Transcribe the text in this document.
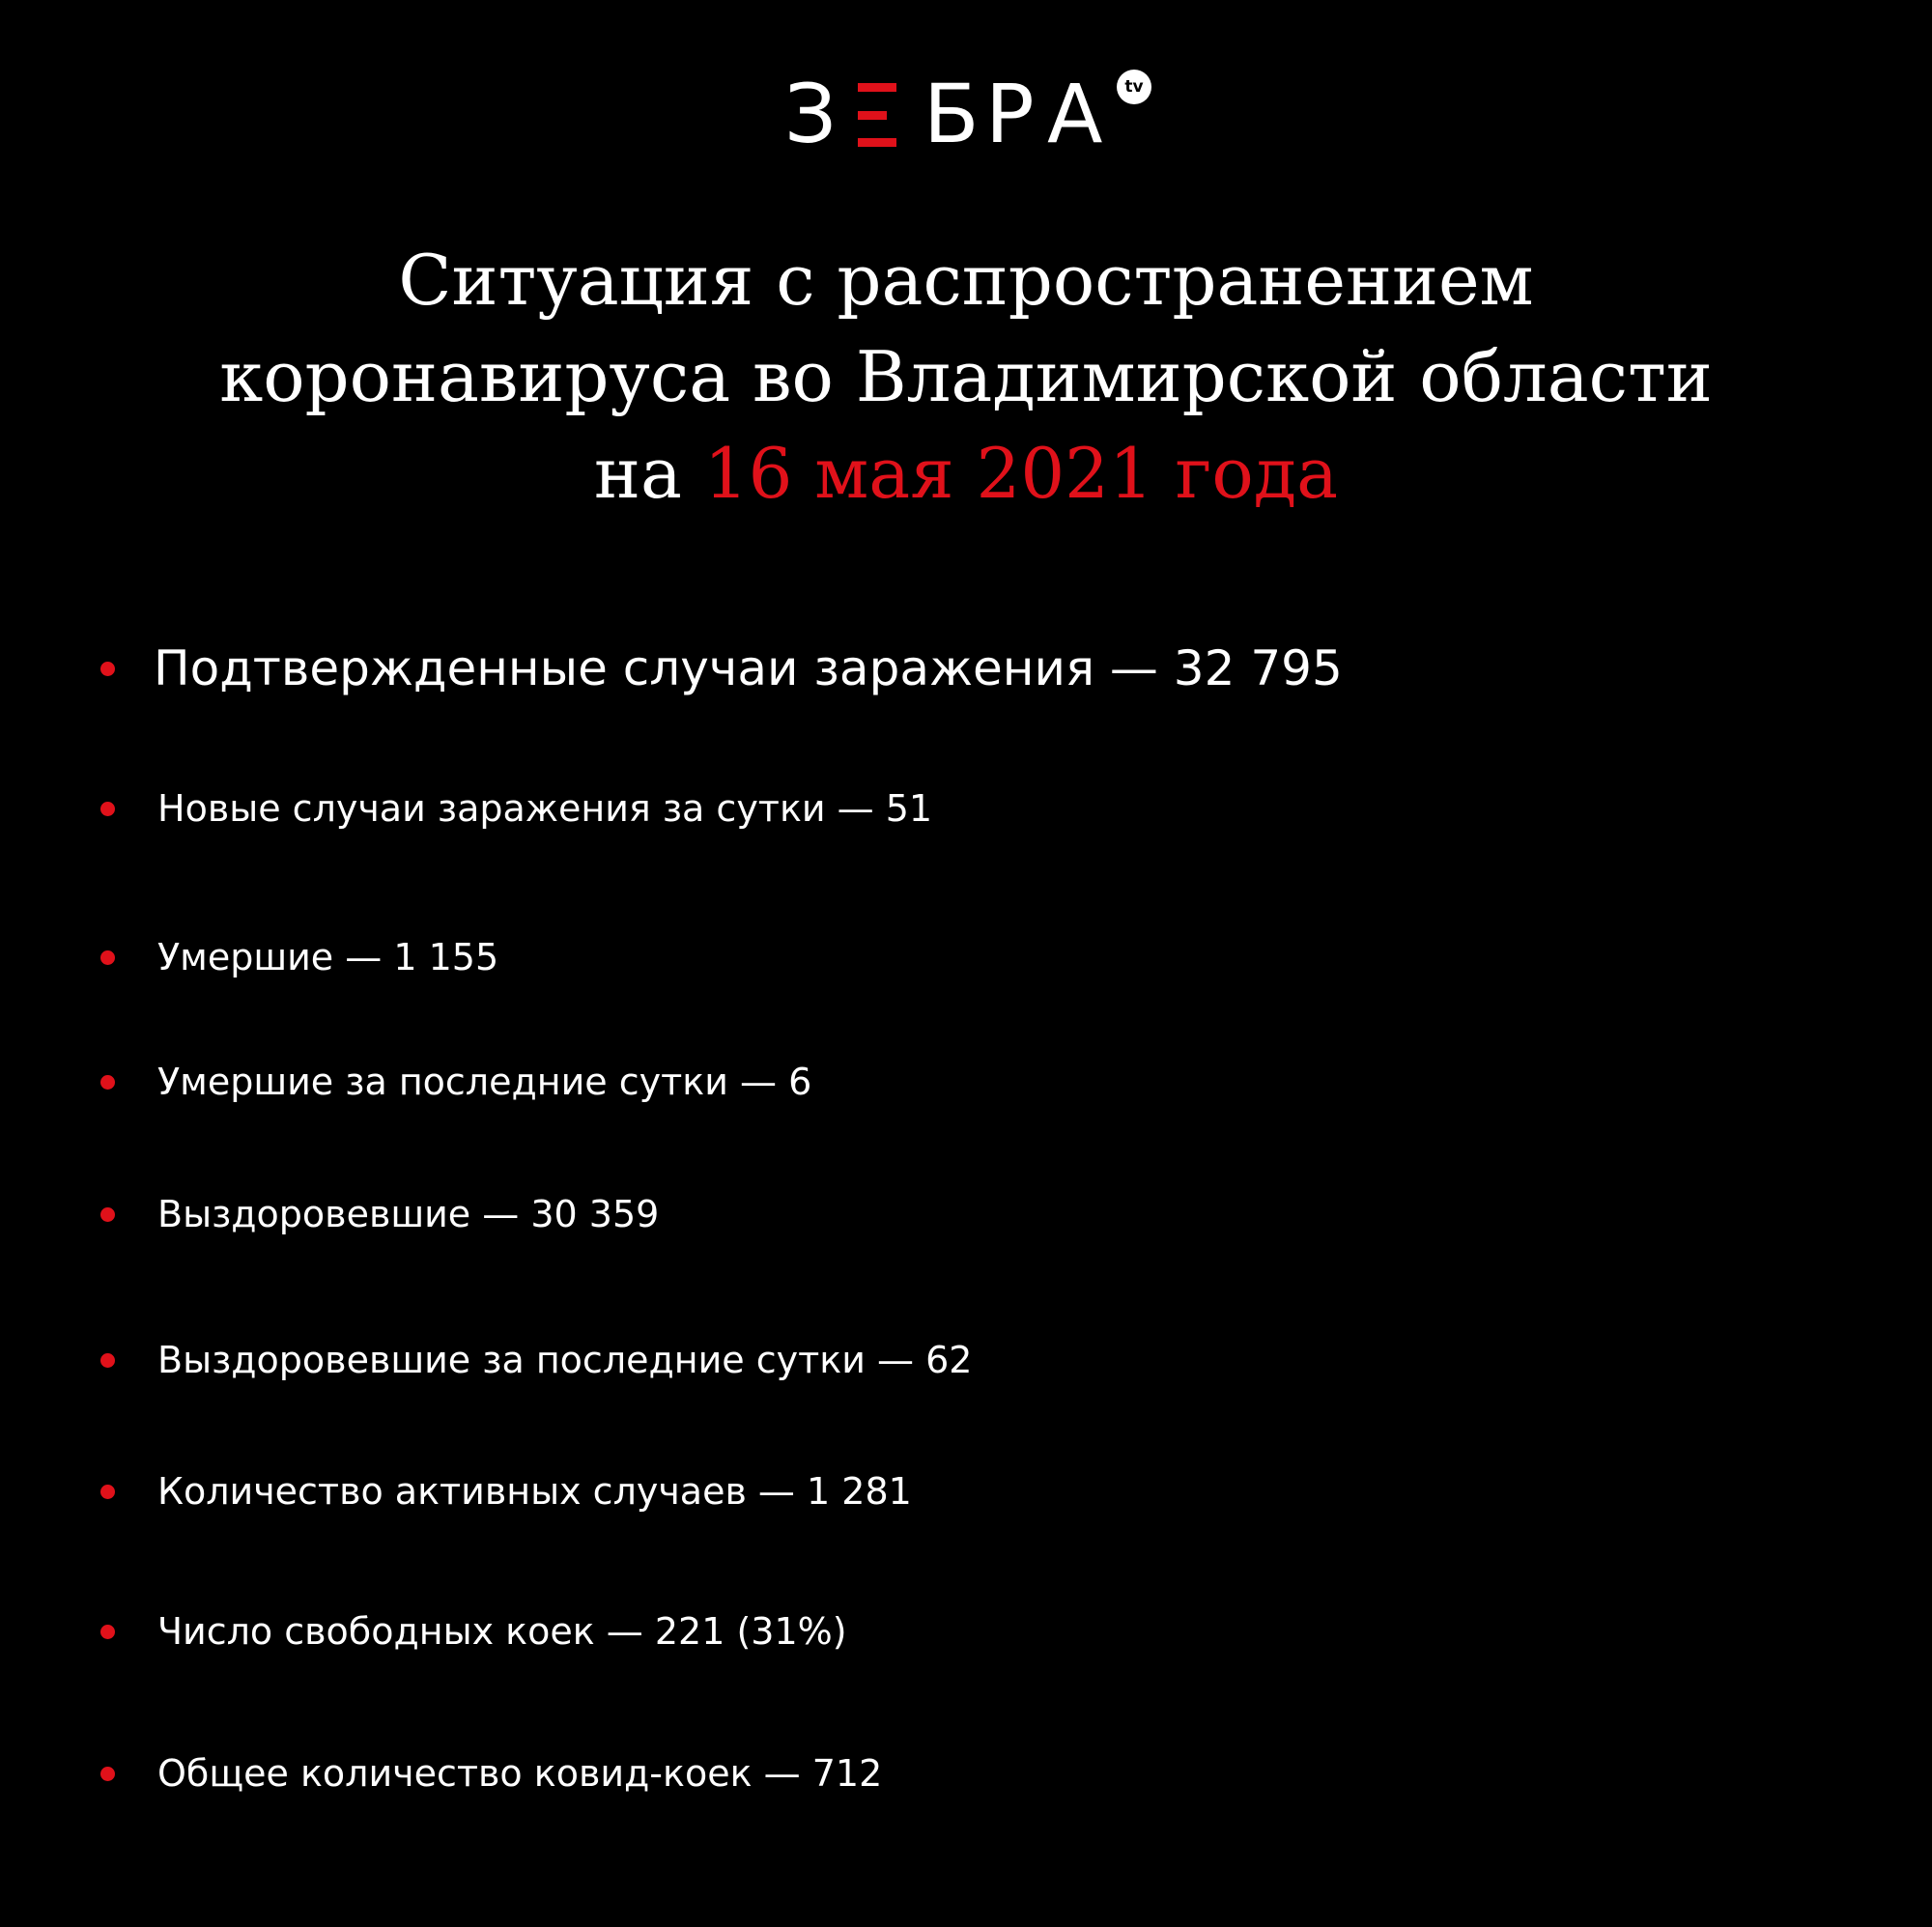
З Б Р А	tv
Ситуация с распространением
коронавируса во Владимирской области
на 16 мая 2021 года
Подтвержденные случаи заражения — 32 795
Новые случаи заражения за сутки — 51
Умершие — 1 155
Умершие за последние сутки — 6
Выздоровевшие — 30 359
Выздоровевшие за последние сутки — 62
Количество активных случаев — 1 281
Число свободных коек — 221 (31%)
Общее количество ковид-коек — 712
